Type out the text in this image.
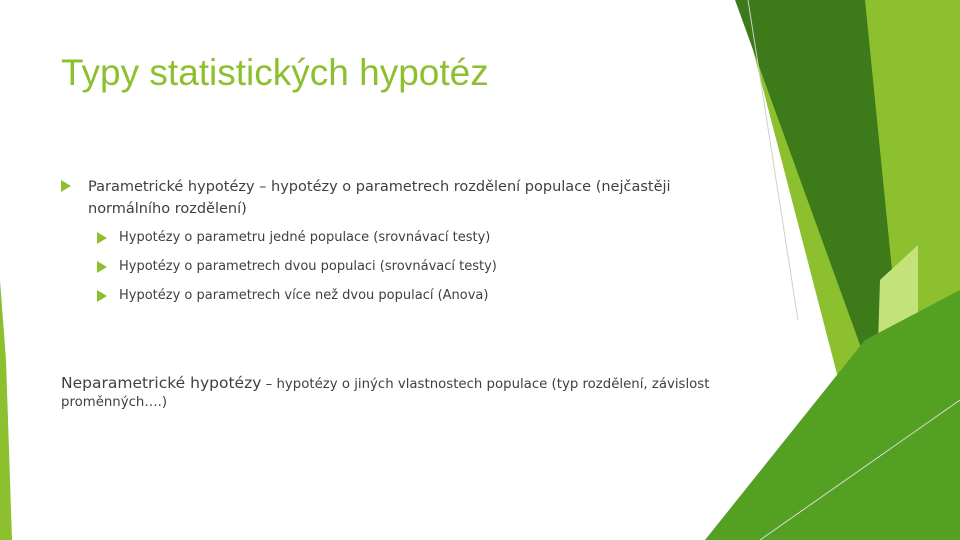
Typy statistických hypotéz
Parametrické hypotézy – hypotézy o parametrech rozdělení populace (nejčastěji normálního rozdělení)
Hypotézy o parametru jedné populace (srovnávací testy)
Hypotézy o parametrech dvou populaci (srovnávací testy)
Hypotézy o parametrech více než dvou populací (Anova)
Neparametrické hypotézy – hypotézy o jiných vlastnostech populace (typ rozdělení, závislost proměnných….)
